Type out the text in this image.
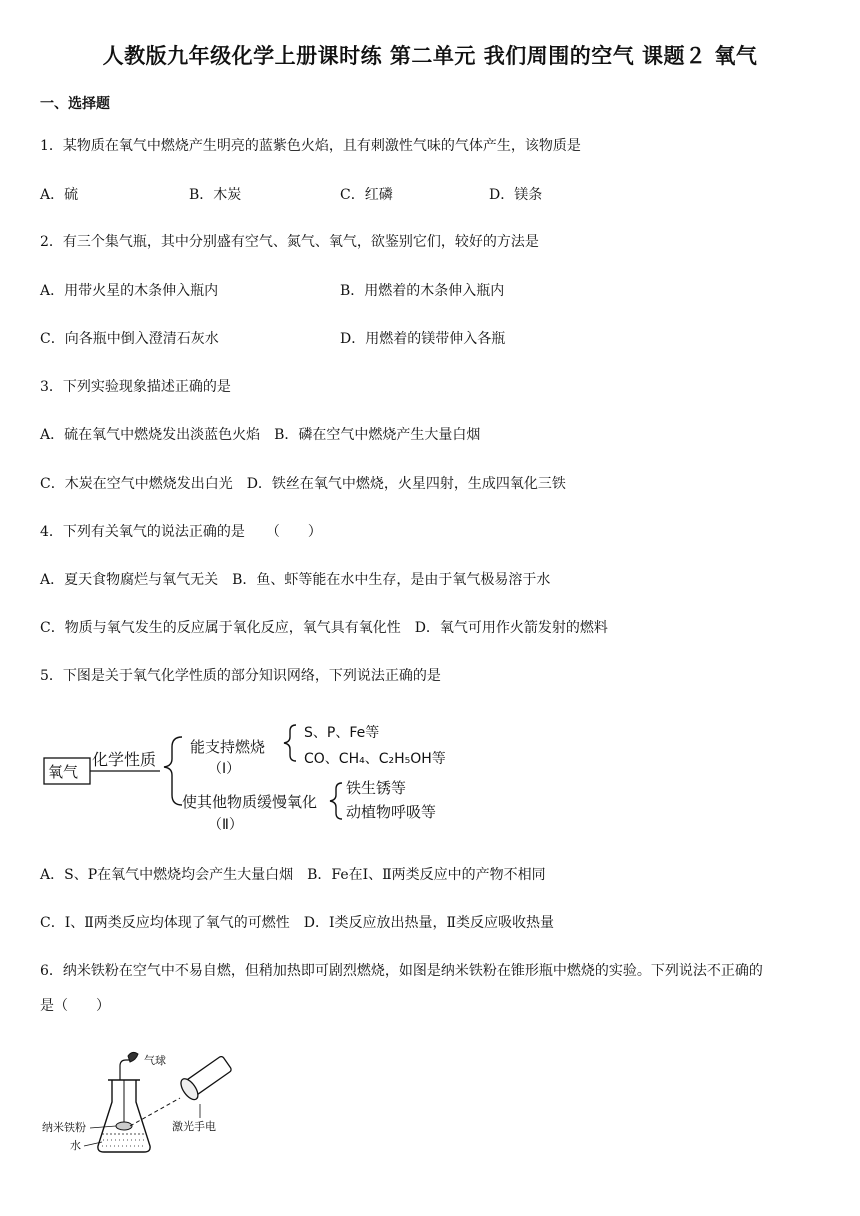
人教版九年级化学上册课时练 第二单元 我们周围的空气 课题２ 氧气
一、选择题
1．某物质在氧气中燃烧产生明亮的蓝紫色火焰，且有刺激性气味的气体产生，该物质是
A．硫	B．木炭	C．红磷	D．镁条
2．有三个集气瓶，其中分别盛有空气、氮气、氧气，欲鉴别它们，较好的方法是
A．用带火星的木条伸入瓶内	B．用燃着的木条伸入瓶内
C．向各瓶中倒入澄清石灰水	D．用燃着的镁带伸入各瓶
3．下列实验现象描述正确的是
A．硫在氧气中燃烧发出淡蓝色火焰　B．磷在空气中燃烧产生大量白烟
C．木炭在空气中燃烧发出白光　D．铁丝在氧气中燃烧，火星四射，生成四氧化三铁
4．下列有关氧气的说法正确的是　　（　　）
A．夏天食物腐烂与氧气无关　B．鱼、虾等能在水中生存，是由于氧气极易溶于水
C．物质与氧气发生的反应属于氧化反应，氧气具有氧化性　D．氧气可用作火箭发射的燃料
5．下图是关于氧气化学性质的部分知识网络，下列说法正确的是
氧气
化学性质
能支持燃烧
（Ⅰ）
S、P、Fe等
CO、CH₄、C₂H₅OH等
使其他物质缓慢氧化
（Ⅱ）
铁生锈等
动植物呼吸等
A．S、P在氧气中燃烧均会产生大量白烟　B．Fe在Ⅰ、Ⅱ两类反应中的产物不相同
C．Ⅰ、Ⅱ两类反应均体现了氧气的可燃性　D．Ⅰ类反应放出热量，Ⅱ类反应吸收热量
6．纳米铁粉在空气中不易自燃，但稍加热即可剧烈燃烧，如图是纳米铁粉在锥形瓶中燃烧的实验。下列说法不正确的
是（　　）
气球
激光手电
纳米铁粉
水
